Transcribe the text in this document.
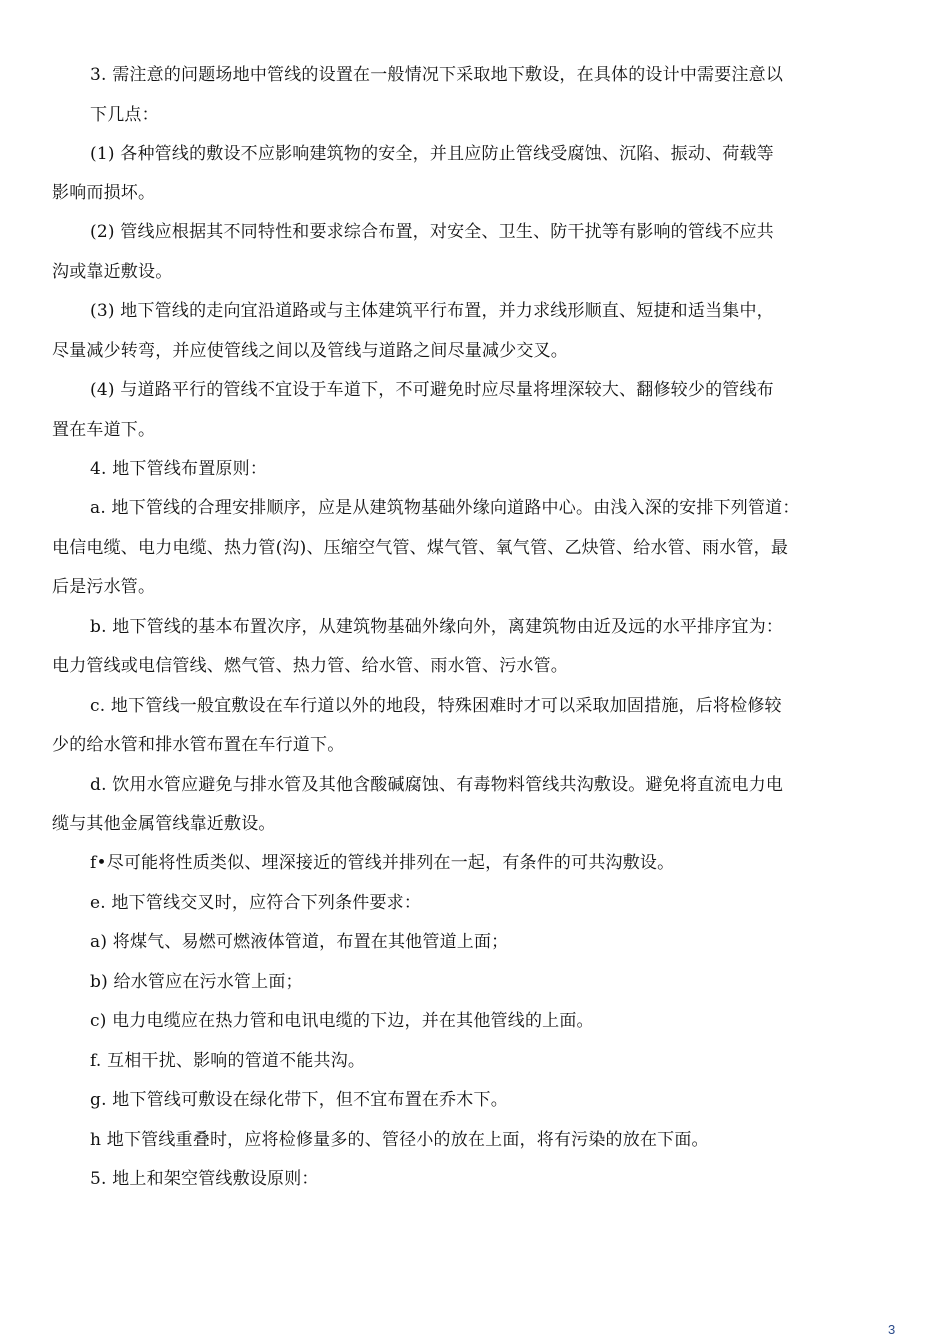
3. 需注意的问题场地中管线的设置在一般情况下采取地下敷设，在具体的设计中需要注意以
下几点：
(1) 各种管线的敷设不应影响建筑物的安全，并且应防止管线受腐蚀、沉陷、振动、荷载等
影响而损坏。
(2) 管线应根据其不同特性和要求综合布置，对安全、卫生、防干扰等有影响的管线不应共
沟或靠近敷设。
(3) 地下管线的走向宜沿道路或与主体建筑平行布置，并力求线形顺直、短捷和适当集中，
尽量减少转弯，并应使管线之间以及管线与道路之间尽量减少交叉。
(4) 与道路平行的管线不宜设于车道下，不可避免时应尽量将埋深较大、翻修较少的管线布
置在车道下。
4. 地下管线布置原则：
a. 地下管线的合理安排顺序，应是从建筑物基础外缘向道路中心。由浅入深的安排下列管道：
电信电缆、电力电缆、热力管(沟)、压缩空气管、煤气管、氧气管、乙炔管、给水管、雨水管，最
后是污水管。
b. 地下管线的基本布置次序，从建筑物基础外缘向外，离建筑物由近及远的水平排序宜为：
电力管线或电信管线、燃气管、热力管、给水管、雨水管、污水管。
c. 地下管线一般宜敷设在车行道以外的地段，特殊困难时才可以采取加固措施，后将检修较
少的给水管和排水管布置在车行道下。
d. 饮用水管应避免与排水管及其他含酸碱腐蚀、有毒物料管线共沟敷设。避免将直流电力电
缆与其他金属管线靠近敷设。
f•尽可能将性质类似、埋深接近的管线并排列在一起，有条件的可共沟敷设。
e. 地下管线交叉时，应符合下列条件要求：
a) 将煤气、易燃可燃液体管道，布置在其他管道上面；
b) 给水管应在污水管上面；
c) 电力电缆应在热力管和电讯电缆的下边，并在其他管线的上面。
f. 互相干扰、影响的管道不能共沟。
g. 地下管线可敷设在绿化带下，但不宜布置在乔木下。
h 地下管线重叠时，应将检修量多的、管径小的放在上面，将有污染的放在下面。
5. 地上和架空管线敷设原则：
3
